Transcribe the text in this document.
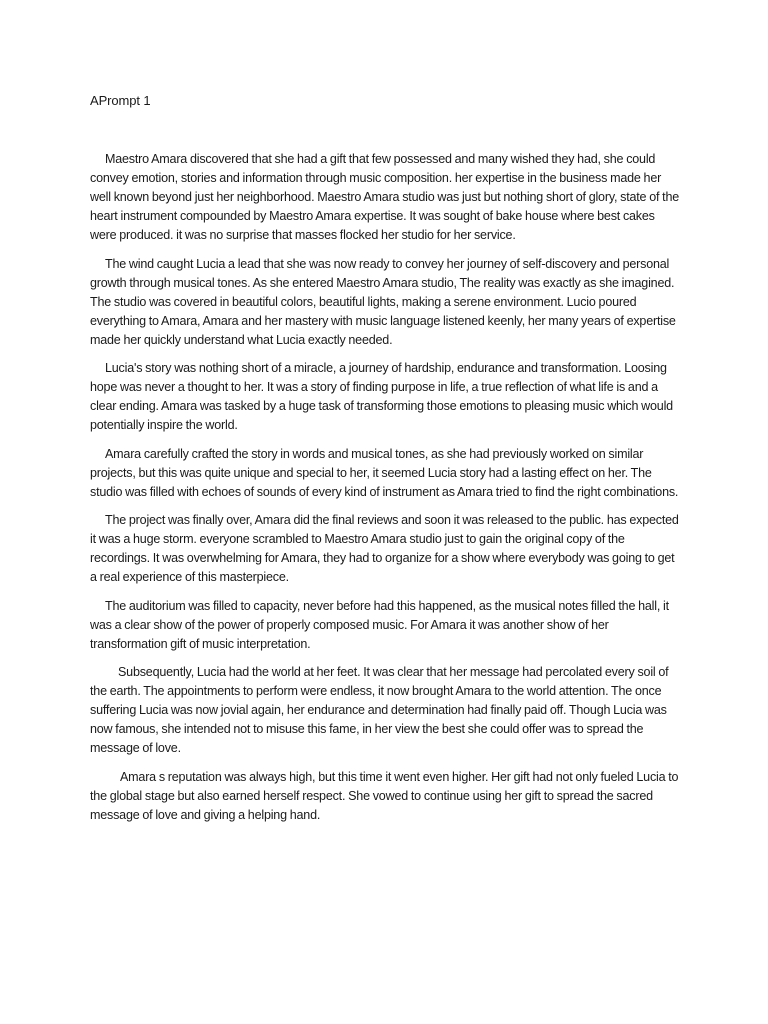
APrompt 1

Maestro Amara discovered that she had a gift that few possessed and many wished they had, she could convey emotion, stories and information through music composition. her expertise in the business made her well known beyond just her neighborhood. Maestro Amara studio was just but nothing short of glory, state of the heart instrument compounded by Maestro Amara expertise. It was sought of bake house where best cakes were produced. it was no surprise that masses flocked her studio for her service.

The wind caught Lucia a lead that she was now ready to convey her journey of self-discovery and personal growth through musical tones. As she entered Maestro Amara studio, The reality was exactly as she imagined. The studio was covered in beautiful colors, beautiful lights, making a serene environment. Lucio poured everything to Amara, Amara and her mastery with music language listened keenly, her many years of expertise made her quickly understand what Lucia exactly needed.

Lucia's story was nothing short of a miracle, a journey of hardship, endurance and transformation. Loosing hope was never a thought to her. It was a story of finding purpose in life, a true reflection of what life is and a clear ending. Amara was tasked by a huge task of transforming those emotions to pleasing music which would potentially inspire the world.

Amara carefully crafted the story in words and musical tones, as she had previously worked on similar projects, but this was quite unique and special to her, it seemed Lucia story had a lasting effect on her. The studio was filled with echoes of sounds of every kind of instrument as Amara tried to find the right combinations.

The project was finally over, Amara did the final reviews and soon it was released to the public. has expected it was a huge storm. everyone scrambled to Maestro Amara studio just to gain the original copy of the recordings. It was overwhelming for Amara, they had to organize for a show where everybody was going to get a real experience of this masterpiece.

The auditorium was filled to capacity, never before had this happened, as the musical notes filled the hall, it was a clear show of the power of properly composed music. For Amara it was another show of her transformation gift of music interpretation.

Subsequently, Lucia had the world at her feet. It was clear that her message had percolated every soil of the earth. The appointments to perform were endless, it now brought Amara to the world attention. The once suffering Lucia was now jovial again, her endurance and determination had finally paid off. Though Lucia was now famous, she intended not to misuse this fame, in her view the best she could offer was to spread the message of love.

Amara s reputation was always high, but this time it went even higher. Her gift had not only fueled Lucia to the global stage but also earned herself respect. She vowed to continue using her gift to spread the sacred message of love and giving a helping hand.
